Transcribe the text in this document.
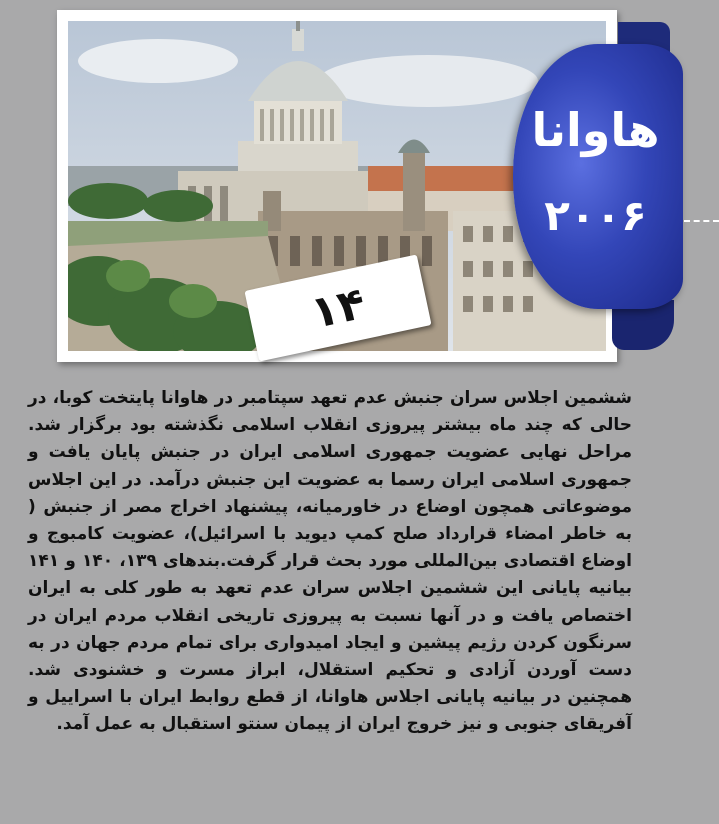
۱۴
هاوانا
۲۰۰۶

ششمین اجلاس سران جنبش عدم تعهد سپتامبر در هاوانا پایتخت کوبا، در حالی که چند ماه بیشتر پیروزی انقلاب اسلامی نگذشته بود برگزار شد. مراحل نهایی عضویت جمهوری اسلامی ایران در جنبش پایان یافت و جمهوری اسلامی ایران رسما به عضویت این جنبش درآمد. در این اجلاس موضوعاتی همچون اوضاع در خاورمیانه، پیشنهاد اخراج مصر از جنبش ( به خاطر امضاء قرارداد صلح کمپ دیوید با اسرائیل)، عضویت کامبوج و اوضاع اقتصادی بین‌المللی مورد بحث قرار گرفت.بندهای ۱۳۹، ۱۴۰ و ۱۴۱ بیانیه پایانی این ششمین اجلاس سران عدم تعهد به طور کلی به ایران اختصاص یافت و در آنها نسبت به پیروزی تاریخی انقلاب مردم ایران در سرنگون کردن رژیم پیشین و ایجاد امیدواری برای تمام مردم جهان در به دست آوردن آزادی و تحکیم استقلال، ابراز مسرت و خشنودی شد. همچنین در بیانیه پایانی اجلاس هاوانا، از قطع روابط ایران با اسراییل و آفریقای جنوبی و نیز خروج ایران از پیمان سنتو استقبال به عمل آمد.
